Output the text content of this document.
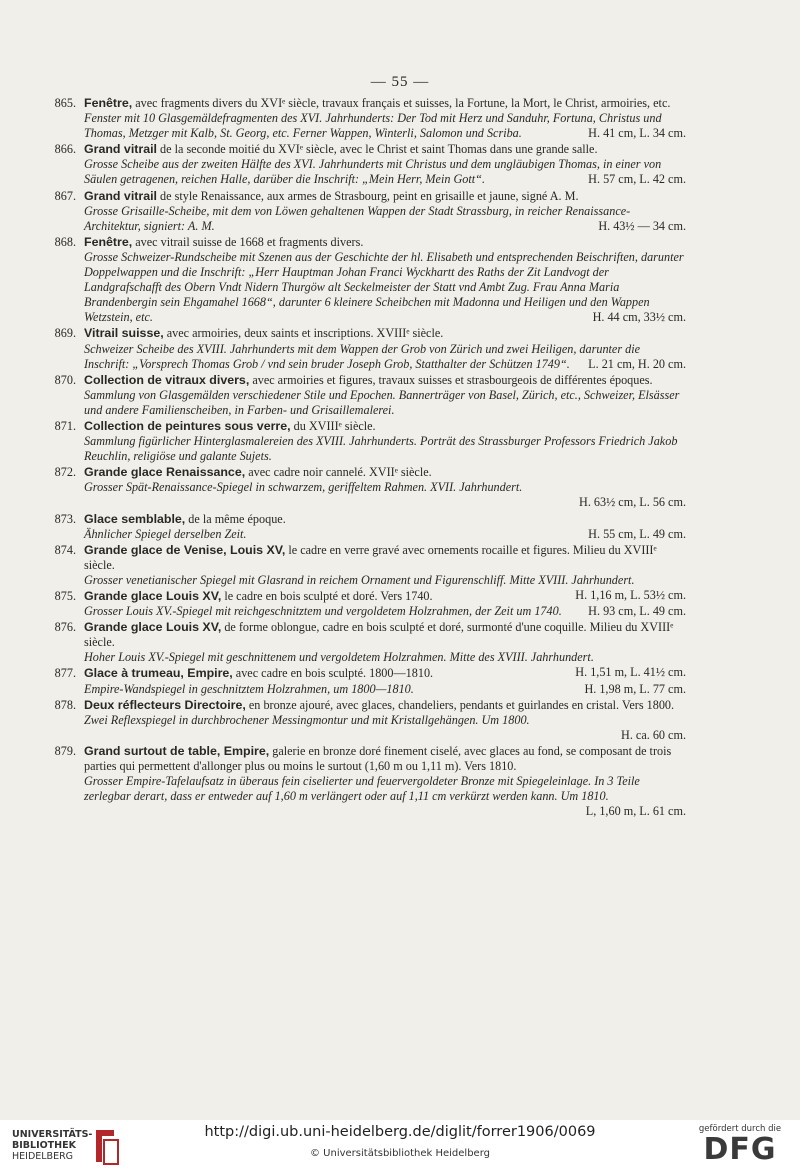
— 55 —
865. Fenêtre, avec fragments divers du XVIᵉ siècle, travaux français et suisses, la Fortune, la Mort, le Christ, armoiries, etc.
Fenster mit 10 Glasgemäldefragmenten des XVI. Jahrhunderts: Der Tod mit Herz und Sanduhr, Fortuna, Christus und Thomas, Metzger mit Kalb, St. Georg, etc. Ferner Wappen, Winterli, Salomon und Scriba.	H. 41 cm, L. 34 cm.
866. Grand vitrail de la seconde moitié du XVIᵉ siècle, avec le Christ et saint Thomas dans une grande salle.
Grosse Scheibe aus der zweiten Hälfte des XVI. Jahrhunderts mit Christus und dem ungläubigen Thomas, in einer von Säulen getragenen, reichen Halle, darüber die Inschrift: „Mein Herr, Mein Gott“.	H. 57 cm, L. 42 cm.
867. Grand vitrail de style Renaissance, aux armes de Strasbourg, peint en grisaille et jaune, signé A. M.
Grosse Grisaille-Scheibe, mit dem von Löwen gehaltenen Wappen der Stadt Strassburg, in reicher Renaissance-Architektur, signiert: A. M.	H. 43½ — 34 cm.
868. Fenêtre, avec vitrail suisse de 1668 et fragments divers.
Grosse Schweizer-Rundscheibe mit Szenen aus der Geschichte der hl. Elisabeth und entsprechenden Beischriften, darunter Doppelwappen und die Inschrift: „Herr Hauptman Johan Franci Wyckhartt des Raths der Zit Landvogt der Landgrafschafft des Obern Vndt Nidern Thurgöw alt Seckelmeister der Statt vnd Ambt Zug. Frau Anna Maria Brandenbergin sein Ehgamahel 1668“, darunter 6 kleinere Scheibchen mit Madonna und Heiligen und den Wappen Wetzstein, etc.	H. 44 cm, 33½ cm.
869. Vitrail suisse, avec armoiries, deux saints et inscriptions. XVIIIᵉ siècle.
Schweizer Scheibe des XVIII. Jahrhunderts mit dem Wappen der Grob von Zürich und zwei Heiligen, darunter die Inschrift: „Vorsprech Thomas Grob / vnd sein bruder Joseph Grob, Statthalter der Schützen 1749“. L. 21 cm, H. 20 cm.
870. Collection de vitraux divers, avec armoiries et figures, travaux suisses et strasbourgeois de différentes époques.
Sammlung von Glasgemälden verschiedener Stile und Epochen. Bannerträger von Basel, Zürich, etc., Schweizer, Elsässer und andere Familienscheiben, in Farben- und Grisaillemalerei.
871. Collection de peintures sous verre, du XVIIIᵉ siècle.
Sammlung figürlicher Hinterglasmalereien des XVIII. Jahrhunderts. Porträt des Strassburger Professors Friedrich Jakob Reuchlin, religiöse und galante Sujets.
872. Grande glace Renaissance, avec cadre noir cannelé. XVIIᵉ siècle.
Grosser Spät-Renaissance-Spiegel in schwarzem, geriffeltem Rahmen. XVII. Jahrhundert.
H. 63½ cm, L. 56 cm.
873. Glace semblable, de la même époque.
Ähnlicher Spiegel derselben Zeit.	H. 55 cm, L. 49 cm.
874. Grande glace de Venise, Louis XV, le cadre en verre gravé avec ornements rocaille et figures. Milieu du XVIIIᵉ siècle.
Grosser venetianischer Spiegel mit Glasrand in reichem Ornament und Figurenschliff. Mitte XVIII. Jahrhundert.
H. 1,16 m, L. 53½ cm.
875. Grande glace Louis XV, le cadre en bois sculpté et doré. Vers 1740.
Grosser Louis XV.-Spiegel mit reichgeschnitztem und vergoldetem Holzrahmen, der Zeit um 1740. H. 93 cm, L. 49 cm.
876. Grande glace Louis XV, de forme oblongue, cadre en bois sculpté et doré, surmonté d'une coquille. Milieu du XVIIIᵉ siècle.
Hoher Louis XV.-Spiegel mit geschnittenem und vergoldetem Holzrahmen. Mitte des XVIII. Jahrhundert.
H. 1,51 m, L. 41½ cm.
877. Glace à trumeau, Empire, avec cadre en bois sculpté. 1800—1810.
Empire-Wandspiegel in geschnitztem Holzrahmen, um 1800—1810.	H. 1,98 m, L. 77 cm.
878. Deux réflecteurs Directoire, en bronze ajouré, avec glaces, chandeliers, pendants et guirlandes en cristal. Vers 1800.
Zwei Reflexspiegel in durchbrochener Messingmontur und mit Kristallgehängen. Um 1800.
H. ca. 60 cm.
879. Grand surtout de table, Empire, galerie en bronze doré finement ciselé, avec glaces au fond, se composant de trois parties qui permettent d'allonger plus ou moins le surtout (1,60 m ou 1,11 m). Vers 1810.
Grosser Empire-Tafelaufsatz in überaus fein ciselierter und feuervergoldeter Bronze mit Spiegeleinlage. In 3 Teile zerlegbar derart, dass er entweder auf 1,60 m verlängert oder auf 1,11 cm verkürzt werden kann. Um 1810.
L, 1,60 m, L. 61 cm.
UNIVERSITÄTS-
BIBLIOTHEK
HEIDELBERG
http://digi.ub.uni-heidelberg.de/diglit/forrer1906/0069
© Universitätsbibliothek Heidelberg
gefördert durch die
DFG
